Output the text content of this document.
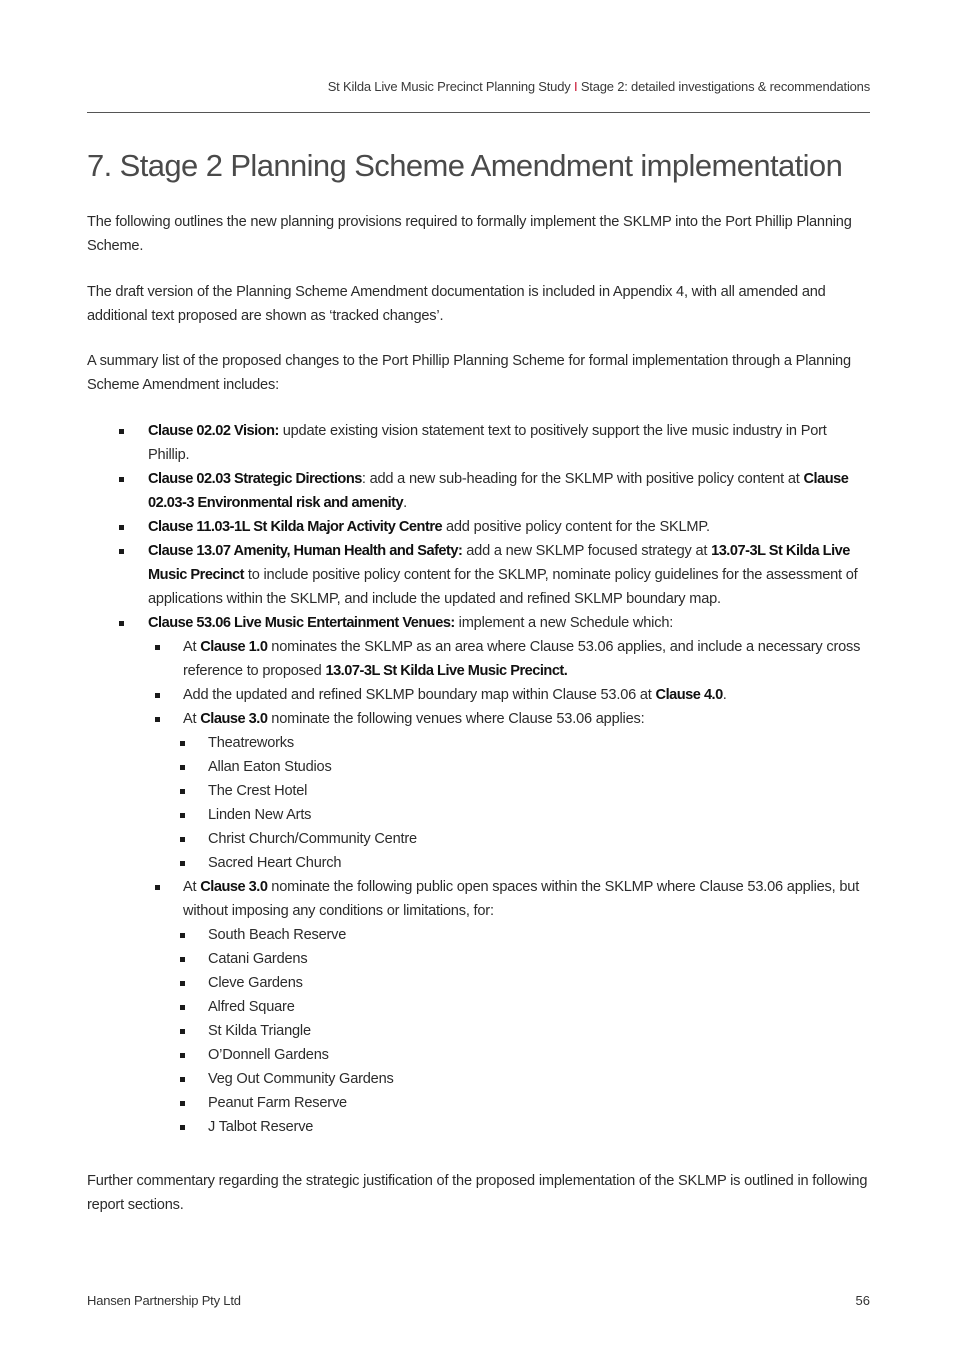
St Kilda Live Music Precinct Planning Study I Stage 2: detailed investigations & recommendations
7. Stage 2 Planning Scheme Amendment implementation

The following outlines the new planning provisions required to formally implement the SKLMP into the Port Phillip Planning Scheme.

The draft version of the Planning Scheme Amendment documentation is included in Appendix 4, with all amended and additional text proposed are shown as ‘tracked changes’.

A summary list of the proposed changes to the Port Phillip Planning Scheme for formal implementation through a Planning Scheme Amendment includes:

Clause 02.02 Vision: update existing vision statement text to positively support the live music industry in Port Phillip.
Clause 02.03 Strategic Directions: add a new sub-heading for the SKLMP with positive policy content at Clause 02.03-3 Environmental risk and amenity.
Clause 11.03-1L St Kilda Major Activity Centre add positive policy content for the SKLMP.
Clause 13.07 Amenity, Human Health and Safety: add a new SKLMP focused strategy at 13.07-3L St Kilda Live Music Precinct to include positive policy content for the SKLMP, nominate policy guidelines for the assessment of applications within the SKLMP, and include the updated and refined SKLMP boundary map.
Clause 53.06 Live Music Entertainment Venues: implement a new Schedule which:
At Clause 1.0 nominates the SKLMP as an area where Clause 53.06 applies, and include a necessary cross reference to proposed 13.07-3L St Kilda Live Music Precinct.
Add the updated and refined SKLMP boundary map within Clause 53.06 at Clause 4.0.
At Clause 3.0 nominate the following venues where Clause 53.06 applies:
Theatreworks
Allan Eaton Studios
The Crest Hotel
Linden New Arts
Christ Church/Community Centre
Sacred Heart Church
At Clause 3.0 nominate the following public open spaces within the SKLMP where Clause 53.06 applies, but without imposing any conditions or limitations, for:
South Beach Reserve
Catani Gardens
Cleve Gardens
Alfred Square
St Kilda Triangle
O’Donnell Gardens
Veg Out Community Gardens
Peanut Farm Reserve
J Talbot Reserve

Further commentary regarding the strategic justification of the proposed implementation of the SKLMP is outlined in following report sections.

Hansen Partnership Pty Ltd	56
